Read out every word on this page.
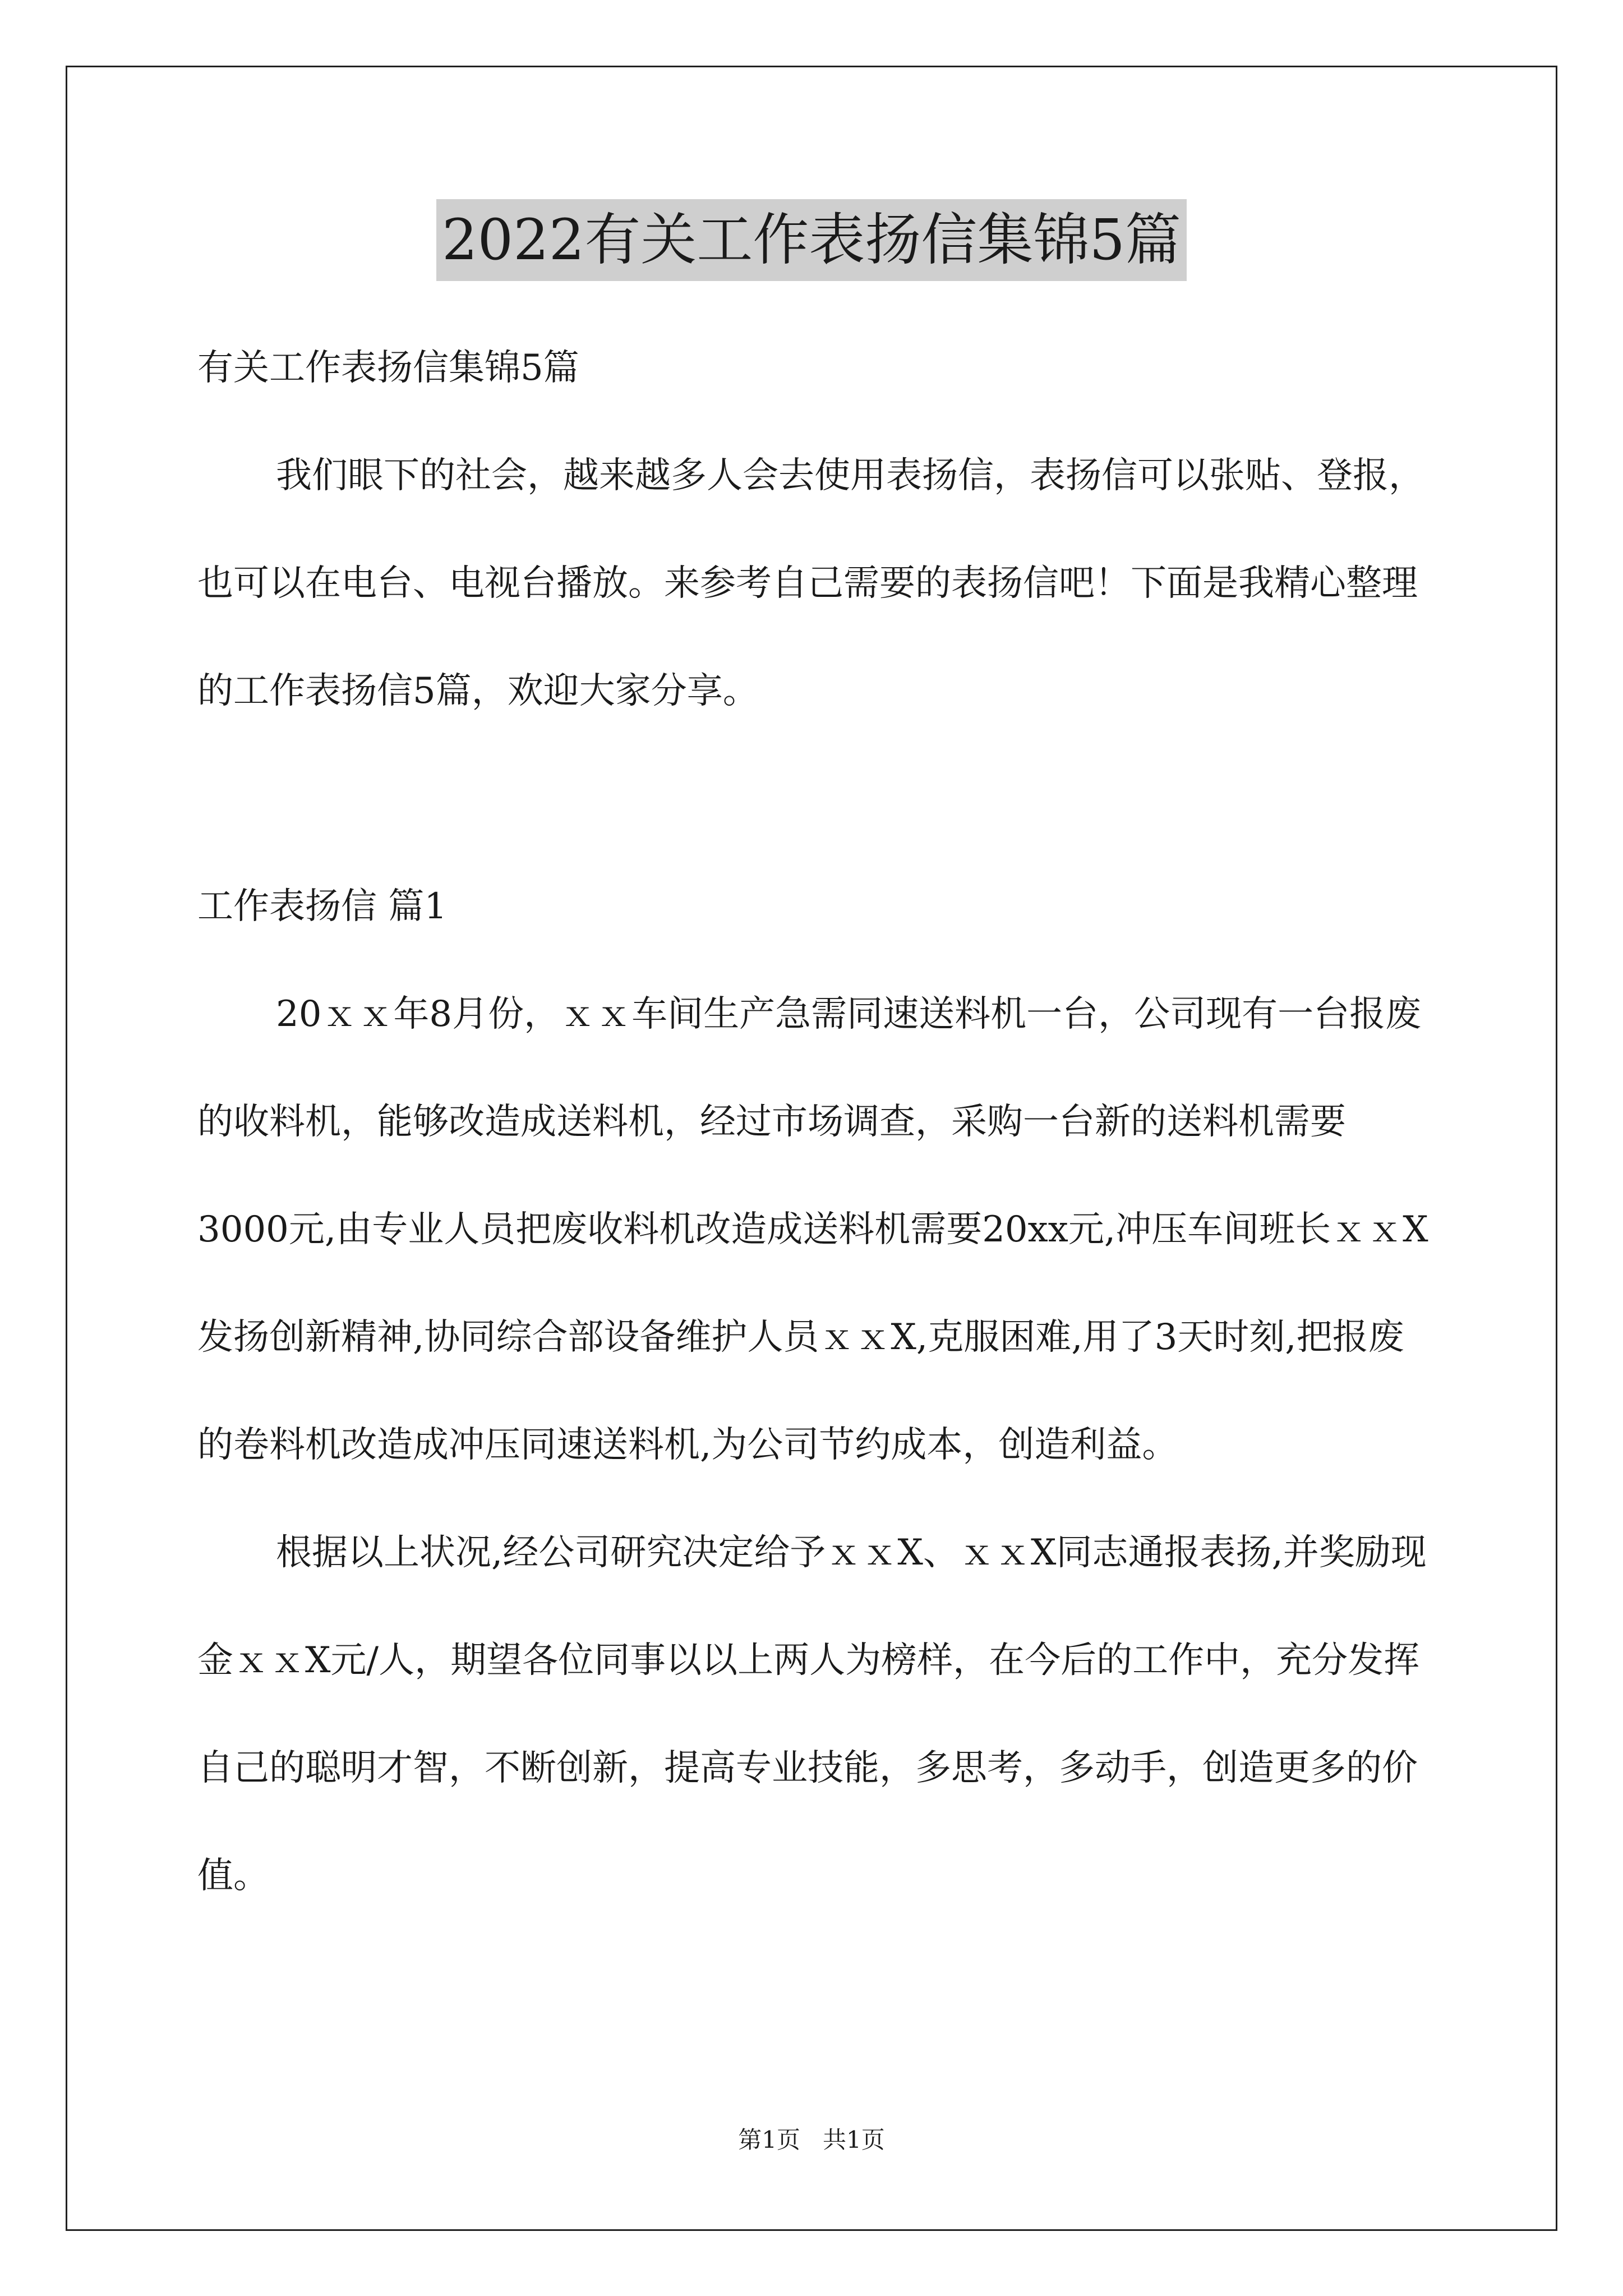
2022有关工作表扬信集锦5篇

有关工作表扬信集锦5篇

我们眼下的社会，越来越多人会去使用表扬信，表扬信可以张贴、登报，也可以在电台、电视台播放。来参考自己需要的表扬信吧！下面是我精心整理的工作表扬信5篇，欢迎大家分享。

工作表扬信 篇1

20ｘｘ年8月份，ｘｘ车间生产急需同速送料机一台，公司现有一台报废的收料机，能够改造成送料机，经过市场调查，采购一台新的送料机需要3000元,由专业人员把废收料机改造成送料机需要20xx元,冲压车间班长ｘｘX发扬创新精神,协同综合部设备维护人员ｘｘX,克服困难,用了3天时刻,把报废的卷料机改造成冲压同速送料机,为公司节约成本，创造利益。

根据以上状况,经公司研究决定给予ｘｘX、ｘｘX同志通报表扬,并奖励现金ｘｘX元/人，期望各位同事以以上两人为榜样，在今后的工作中，充分发挥自己的聪明才智，不断创新，提高专业技能，多思考，多动手，创造更多的价值。

第1页   共1页
